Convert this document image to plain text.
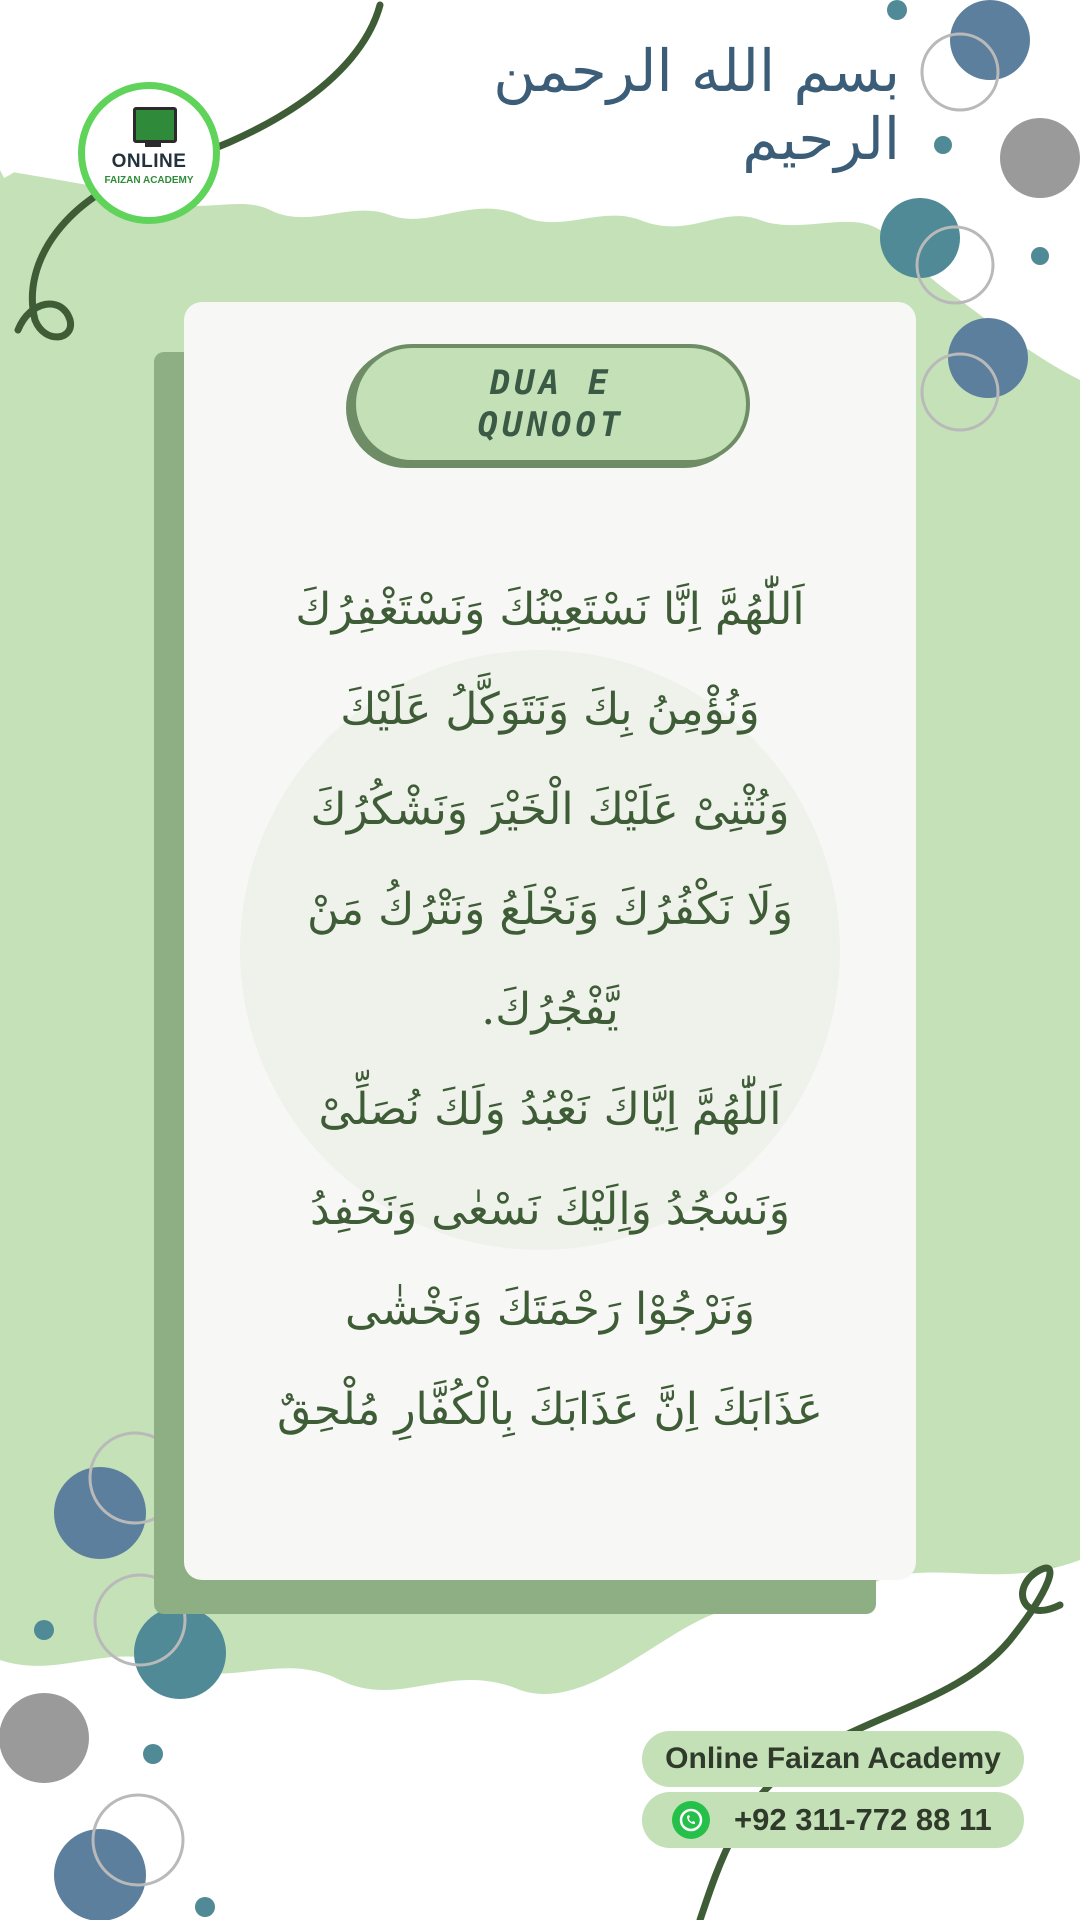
بسم الله الرحمن الرحيم
ONLINE
FAIZAN ACADEMY
DUA E
QUNOOT
اَللّٰهُمَّ اِنَّا نَسْتَعِيْنُكَ وَنَسْتَغْفِرُكَ
وَنُؤْمِنُ بِكَ وَنَتَوَكَّلُ عَلَيْكَ
وَنُثْنِىْ عَلَيْكَ الْخَيْرَ وَنَشْكُرُكَ
وَلَا نَكْفُرُكَ وَنَخْلَعُ وَنَتْرُكُ مَنْ
يَّفْجُرُكَ.
اَللّٰهُمَّ اِيَّاكَ نَعْبُدُ وَلَكَ نُصَلِّىْ
وَنَسْجُدُ وَاِلَيْكَ نَسْعٰى وَنَحْفِدُ
وَنَرْجُوْا رَحْمَتَكَ وَنَخْشٰى
عَذَابَكَ اِنَّ عَذَابَكَ بِالْكُفَّارِ مُلْحِقٌ
Online Faizan Academy
+92 311-772 88 11
